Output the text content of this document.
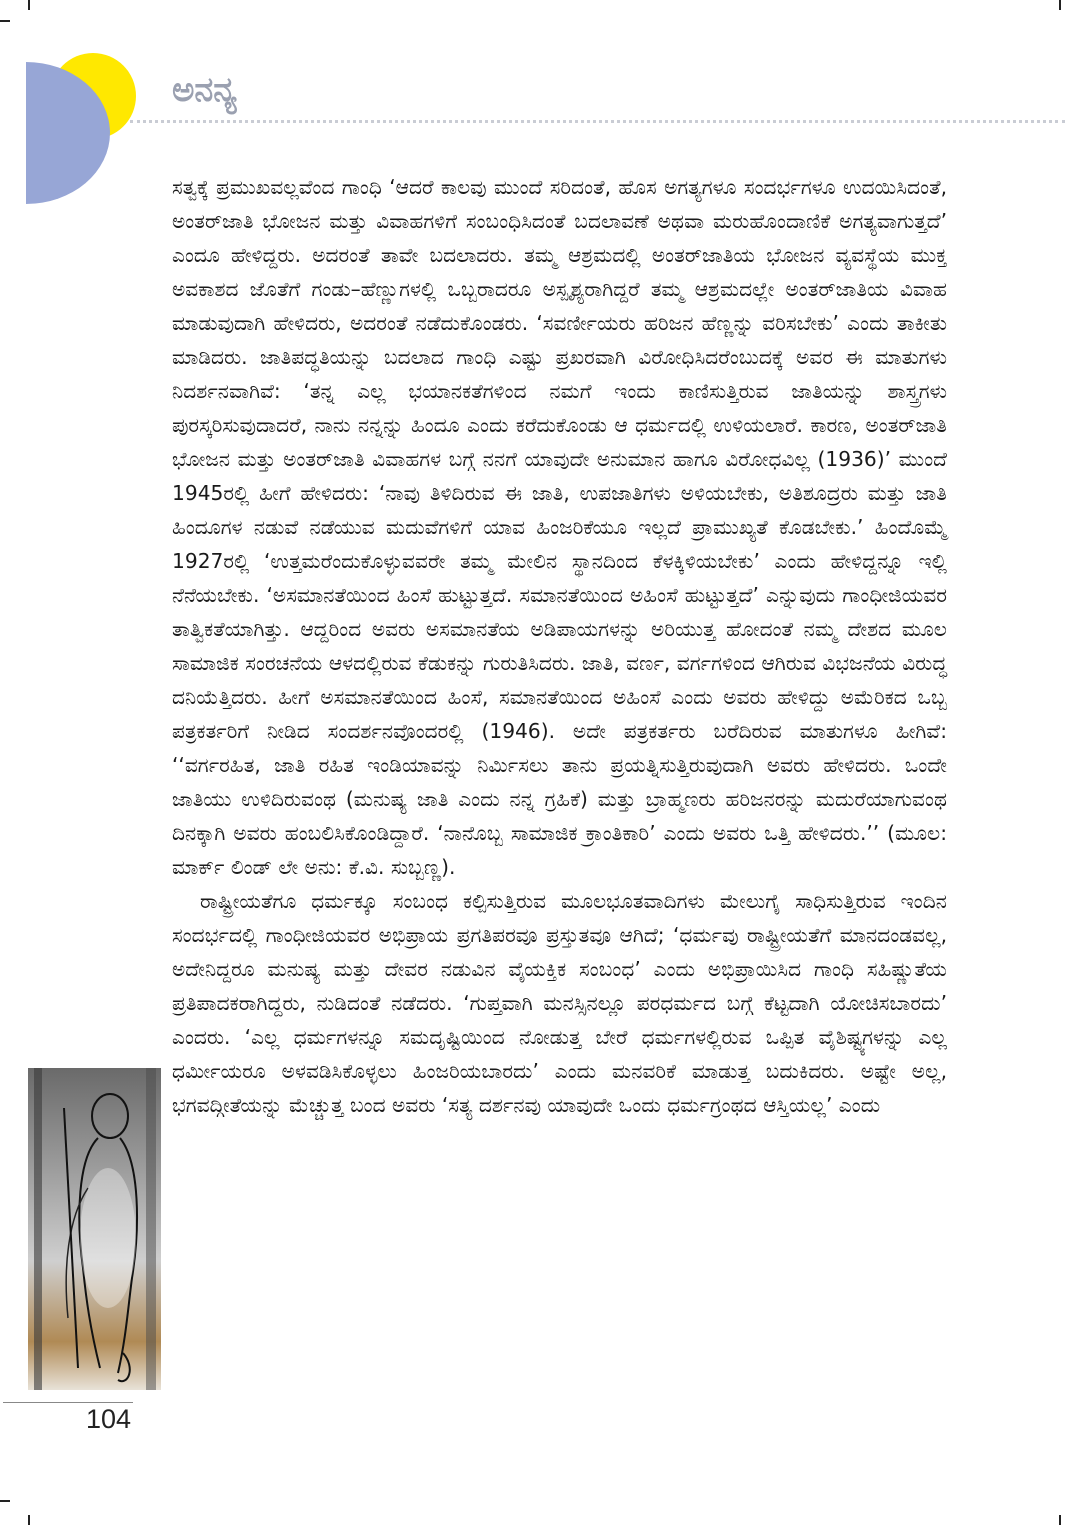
ಅನನ್ಯ

ಸತ್ವಕ್ಕೆ ಪ್ರಮುಖವಲ್ಲವೆಂದ ಗಾಂಧಿ ‘ಆದರೆ ಕಾಲವು ಮುಂದೆ ಸರಿದಂತೆ, ಹೊಸ ಅಗತ್ಯಗಳೂ ಸಂದರ್ಭಗಳೂ ಉದಯಿಸಿದಂತೆ, ಅಂತರ್‌ಜಾತಿ ಭೋಜನ ಮತ್ತು ವಿವಾಹಗಳಿಗೆ ಸಂಬಂಧಿಸಿದಂತೆ ಬದಲಾವಣೆ ಅಥವಾ ಮರುಹೊಂದಾಣಿಕೆ ಅಗತ್ಯವಾಗುತ್ತದೆ’ ಎಂದೂ ಹೇಳಿದ್ದರು. ಅದರಂತೆ ತಾವೇ ಬದಲಾದರು. ತಮ್ಮ ಆಶ್ರಮದಲ್ಲಿ ಅಂತರ್‌ಜಾತಿಯ ಭೋಜನ ವ್ಯವಸ್ಥೆಯ ಮುಕ್ತ ಅವಕಾಶದ ಜೊತೆಗೆ ಗಂಡು–ಹೆಣ್ಣುಗಳಲ್ಲಿ ಒಬ್ಬರಾದರೂ ಅಸ್ಪೃಶ್ಯರಾಗಿದ್ದರೆ ತಮ್ಮ ಆಶ್ರಮದಲ್ಲೇ ಅಂತರ್‌ಜಾತಿಯ ವಿವಾಹ ಮಾಡುವುದಾಗಿ ಹೇಳಿದರು, ಅದರಂತೆ ನಡೆದುಕೊಂಡರು. ‘ಸವರ್ಣೀಯರು ಹರಿಜನ ಹೆಣ್ಣನ್ನು ವರಿಸಬೇಕು’ ಎಂದು ತಾಕೀತು ಮಾಡಿದರು. ಜಾತಿಪದ್ಧತಿಯನ್ನು ಬದಲಾದ ಗಾಂಧಿ ಎಷ್ಟು ಪ್ರಖರವಾಗಿ ವಿರೋಧಿಸಿದರೆಂಬುದಕ್ಕೆ ಅವರ ಈ ಮಾತುಗಳು ನಿದರ್ಶನವಾಗಿವೆ: ‘ತನ್ನ ಎಲ್ಲ ಭಯಾನಕತೆಗಳಿಂದ ನಮಗೆ ಇಂದು ಕಾಣಿಸುತ್ತಿರುವ ಜಾತಿಯನ್ನು ಶಾಸ್ತ್ರಗಳು ಪುರಸ್ಕರಿಸುವುದಾದರೆ, ನಾನು ನನ್ನನ್ನು ಹಿಂದೂ ಎಂದು ಕರೆದುಕೊಂಡು ಆ ಧರ್ಮದಲ್ಲಿ ಉಳಿಯಲಾರೆ. ಕಾರಣ, ಅಂತರ್‌ಜಾತಿ ಭೋಜನ ಮತ್ತು ಅಂತರ್‌ಜಾತಿ ವಿವಾಹಗಳ ಬಗ್ಗೆ ನನಗೆ ಯಾವುದೇ ಅನುಮಾನ ಹಾಗೂ ವಿರೋಧವಿಲ್ಲ (1936)’ ಮುಂದೆ 1945ರಲ್ಲಿ ಹೀಗೆ ಹೇಳಿದರು: ‘ನಾವು ತಿಳಿದಿರುವ ಈ ಜಾತಿ, ಉಪಜಾತಿಗಳು ಅಳಿಯಬೇಕು, ಅತಿಶೂದ್ರರು ಮತ್ತು ಜಾತಿ ಹಿಂದೂಗಳ ನಡುವೆ ನಡೆಯುವ ಮದುವೆಗಳಿಗೆ ಯಾವ ಹಿಂಜರಿಕೆಯೂ ಇಲ್ಲದೆ ಪ್ರಾಮುಖ್ಯತೆ ಕೊಡಬೇಕು.’ ಹಿಂದೊಮ್ಮೆ 1927ರಲ್ಲಿ ‘ಉತ್ತಮರೆಂದುಕೊಳ್ಳುವವರೇ ತಮ್ಮ ಮೇಲಿನ ಸ್ಥಾನದಿಂದ ಕೆಳಕ್ಕಿಳಿಯಬೇಕು’ ಎಂದು ಹೇಳಿದ್ದನ್ನೂ ಇಲ್ಲಿ ನೆನೆಯಬೇಕು. ‘ಅಸಮಾನತೆಯಿಂದ ಹಿಂಸೆ ಹುಟ್ಟುತ್ತದೆ. ಸಮಾನತೆಯಿಂದ ಅಹಿಂಸೆ ಹುಟ್ಟುತ್ತದೆ’ ಎನ್ನುವುದು ಗಾಂಧೀಜಿಯವರ ತಾತ್ವಿಕತೆಯಾಗಿತ್ತು. ಆದ್ದರಿಂದ ಅವರು ಅಸಮಾನತೆಯ ಅಡಿಪಾಯಗಳನ್ನು ಅರಿಯುತ್ತ ಹೋದಂತೆ ನಮ್ಮ ದೇಶದ ಮೂಲ ಸಾಮಾಜಿಕ ಸಂರಚನೆಯ ಆಳದಲ್ಲಿರುವ ಕೆಡುಕನ್ನು ಗುರುತಿಸಿದರು. ಜಾತಿ, ವರ್ಣ, ವರ್ಗಗಳಿಂದ ಆಗಿರುವ ವಿಭಜನೆಯ ವಿರುದ್ಧ ದನಿಯೆತ್ತಿದರು. ಹೀಗೆ ಅಸಮಾನತೆಯಿಂದ ಹಿಂಸೆ, ಸಮಾನತೆಯಿಂದ ಅಹಿಂಸೆ ಎಂದು ಅವರು ಹೇಳಿದ್ದು ಅಮೆರಿಕದ ಒಬ್ಬ ಪತ್ರಕರ್ತರಿಗೆ ನೀಡಿದ ಸಂದರ್ಶನವೊಂದರಲ್ಲಿ (1946). ಅದೇ ಪತ್ರಕರ್ತರು ಬರೆದಿರುವ ಮಾತುಗಳೂ ಹೀಗಿವೆ: ‘‘ವರ್ಗರಹಿತ, ಜಾತಿ ರಹಿತ ಇಂಡಿಯಾವನ್ನು ನಿರ್ಮಿಸಲು ತಾನು ಪ್ರಯತ್ನಿಸುತ್ತಿರುವುದಾಗಿ ಅವರು ಹೇಳಿದರು. ಒಂದೇ ಜಾತಿಯು ಉಳಿದಿರುವಂಥ (ಮನುಷ್ಯ ಜಾತಿ ಎಂದು ನನ್ನ ಗ್ರಹಿಕೆ) ಮತ್ತು ಬ್ರಾಹ್ಮಣರು ಹರಿಜನರನ್ನು ಮದುರೆಯಾಗುವಂಥ ದಿನಕ್ಕಾಗಿ ಅವರು ಹಂಬಲಿಸಿಕೊಂಡಿದ್ದಾರೆ. ‘ನಾನೊಬ್ಬ ಸಾಮಾಜಿಕ ಕ್ರಾಂತಿಕಾರಿ’ ಎಂದು ಅವರು ಒತ್ತಿ ಹೇಳಿದರು.’’ (ಮೂಲ: ಮಾರ್ಕ್ ಲಿಂಡ್ ಲೇ ಅನು: ಕೆ.ವಿ. ಸುಬ್ಬಣ್ಣ).

ರಾಷ್ಟ್ರೀಯತೆಗೂ ಧರ್ಮಕ್ಕೂ ಸಂಬಂಧ ಕಲ್ಪಿಸುತ್ತಿರುವ ಮೂಲಭೂತವಾದಿಗಳು ಮೇಲುಗೈ ಸಾಧಿಸುತ್ತಿರುವ ಇಂದಿನ ಸಂದರ್ಭದಲ್ಲಿ ಗಾಂಧೀಜಿಯವರ ಅಭಿಪ್ರಾಯ ಪ್ರಗತಿಪರವೂ ಪ್ರಸ್ತುತವೂ ಆಗಿದೆ; ‘ಧರ್ಮವು ರಾಷ್ಟ್ರೀಯತೆಗೆ ಮಾನದಂಡವಲ್ಲ, ಅದೇನಿದ್ದರೂ ಮನುಷ್ಯ ಮತ್ತು ದೇವರ ನಡುವಿನ ವೈಯಕ್ತಿಕ ಸಂಬಂಧ’ ಎಂದು ಅಭಿಪ್ರಾಯಿಸಿದ ಗಾಂಧಿ ಸಹಿಷ್ಣುತೆಯ ಪ್ರತಿಪಾದಕರಾಗಿದ್ದರು, ನುಡಿದಂತೆ ನಡೆದರು. ‘ಗುಪ್ತವಾಗಿ ಮನಸ್ಸಿನಲ್ಲೂ ಪರಧರ್ಮದ ಬಗ್ಗೆ ಕೆಟ್ಟದಾಗಿ ಯೋಚಿಸಬಾರದು’ ಎಂದರು. ‘ಎಲ್ಲ ಧರ್ಮಗಳನ್ನೂ ಸಮದೃಷ್ಟಿಯಿಂದ ನೋಡುತ್ತ ಬೇರೆ ಧರ್ಮಗಳಲ್ಲಿರುವ ಒಪ್ಪಿತ ವೈಶಿಷ್ಟ್ಯಗಳನ್ನು ಎಲ್ಲ ಧರ್ಮೀಯರೂ ಅಳವಡಿಸಿಕೊಳ್ಳಲು ಹಿಂಜರಿಯಬಾರದು’ ಎಂದು ಮನವರಿಕೆ ಮಾಡುತ್ತ ಬದುಕಿದರು. ಅಷ್ಟೇ ಅಲ್ಲ, ಭಗವದ್ಗೀತೆಯನ್ನು ಮೆಚ್ಚುತ್ತ ಬಂದ ಅವರು ‘ಸತ್ಯ ದರ್ಶನವು ಯಾವುದೇ ಒಂದು ಧರ್ಮಗ್ರಂಥದ ಆಸ್ತಿಯಲ್ಲ’ ಎಂದು

104
